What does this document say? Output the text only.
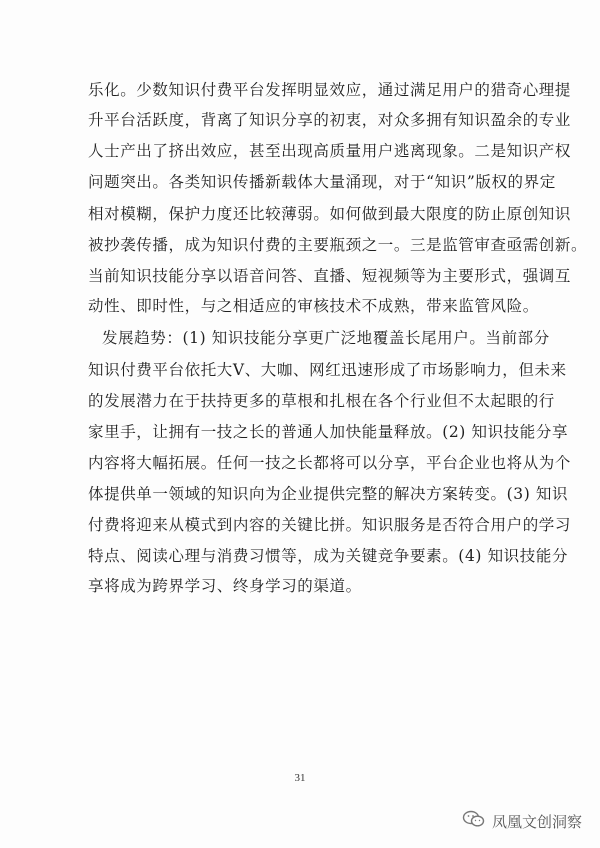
乐化。少数知识付费平台发挥明显效应，通过满足用户的猎奇心理提
升平台活跃度，背离了知识分享的初衷，对众多拥有知识盈余的专业
人士产出了挤出效应，甚至出现高质量用户逃离现象。二是知识产权
问题突出。各类知识传播新载体大量涌现，对于“知识”版权的界定
相对模糊，保护力度还比较薄弱。如何做到最大限度的防止原创知识
被抄袭传播，成为知识付费的主要瓶颈之一。三是监管审查亟需创新。
当前知识技能分享以语音问答、直播、短视频等为主要形式，强调互
动性、即时性，与之相适应的审核技术不成熟，带来监管风险。
发展趋势：(1) 知识技能分享更广泛地覆盖长尾用户。当前部分
知识付费平台依托大V、大咖、网红迅速形成了市场影响力，但未来
的发展潜力在于扶持更多的草根和扎根在各个行业但不太起眼的行
家里手，让拥有一技之长的普通人加快能量释放。(2) 知识技能分享
内容将大幅拓展。任何一技之长都将可以分享，平台企业也将从为个
体提供单一领域的知识向为企业提供完整的解决方案转变。(3) 知识
付费将迎来从模式到内容的关键比拼。知识服务是否符合用户的学习
特点、阅读心理与消费习惯等，成为关键竞争要素。(4) 知识技能分
享将成为跨界学习、终身学习的渠道。
31
凤凰文创洞察
